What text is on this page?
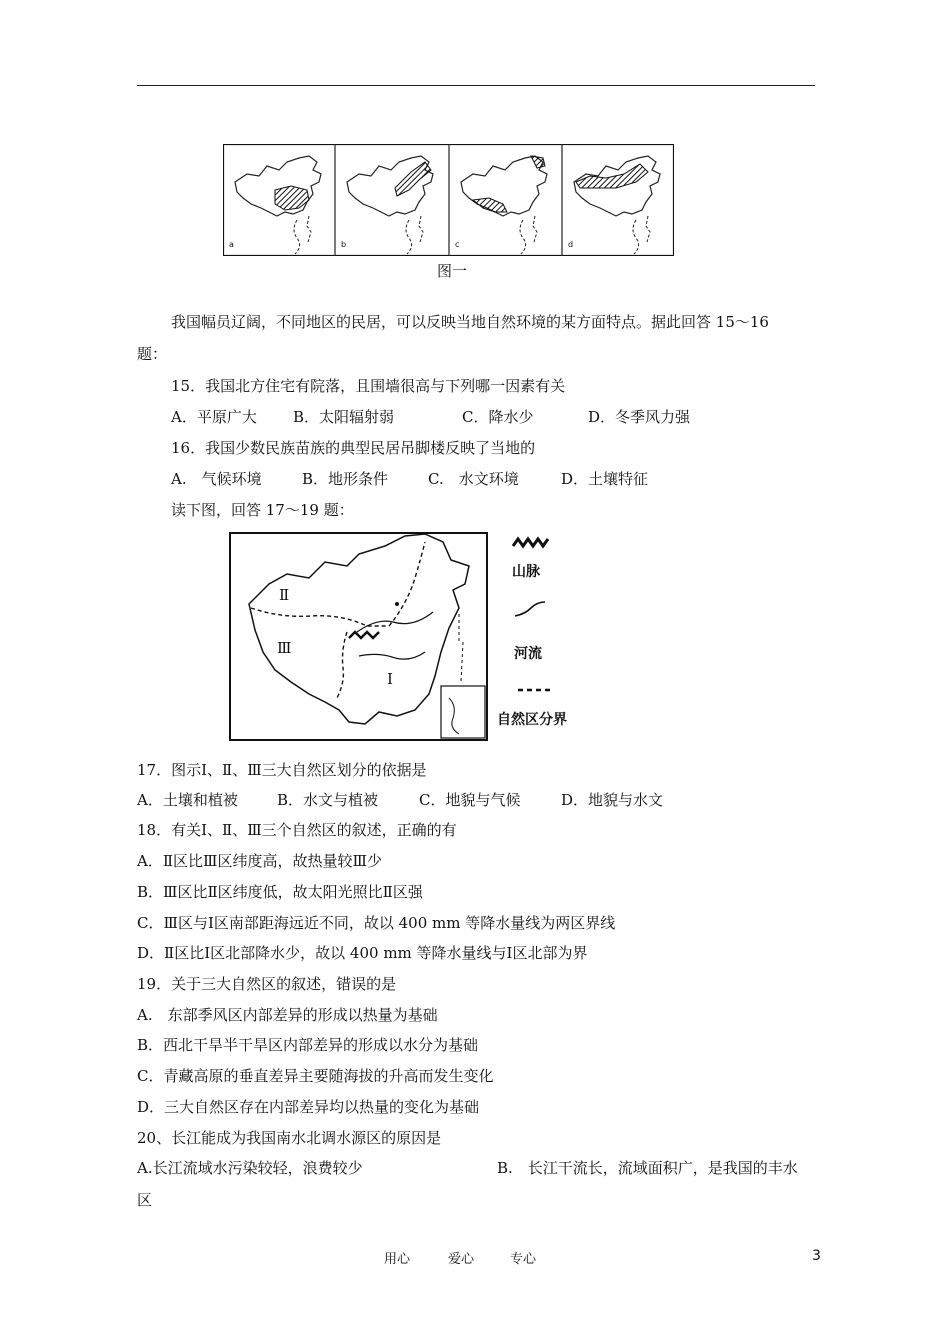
a	b	c	d
图一
我国幅员辽阔，不同地区的民居，可以反映当地自然环境的某方面特点。据此回答 15～16
题：
15．我国北方住宅有院落，且围墙很高与下列哪一因素有关
A．平原广大 B．太阳辐射弱	C．降水少	D．冬季风力强
16．我国少数民族苗族的典型民居吊脚楼反映了当地的
A.　气候环境	B．地形条件	C.　水文环境	D．土壤特征
读下图，回答 17～19 题：
Ⅱ
Ⅲ
Ⅰ
山脉
河流
自然区分界
17．图示Ⅰ、Ⅱ、Ⅲ三大自然区划分的依据是
A．土壤和植被	B．水文与植被	C．地貌与气候	D．地貌与水文
18．有关Ⅰ、Ⅱ、Ⅲ三个自然区的叙述，正确的有
A．Ⅱ区比Ⅲ区纬度高，故热量较Ⅲ少
B．Ⅲ区比Ⅱ区纬度低，故太阳光照比Ⅱ区强
C．Ⅲ区与Ⅰ区南部距海远近不同，故以 400 mm 等降水量线为两区界线
D．Ⅱ区比Ⅰ区北部降水少，故以 400 mm 等降水量线与Ⅰ区北部为界
19．关于三大自然区的叙述，错误的是
A.　东部季风区内部差异的形成以热量为基础
B．西北干旱半干旱区内部差异的形成以水分为基础
C．青藏高原的垂直差异主要随海拔的升高而发生变化
D．三大自然区存在内部差异均以热量的变化为基础
20、长江能成为我国南水北调水源区的原因是
A.长江流域水污染较轻，浪费较少	B.　长江干流长，流域面积广，是我国的丰水
区
用心	爱心	专心	3
